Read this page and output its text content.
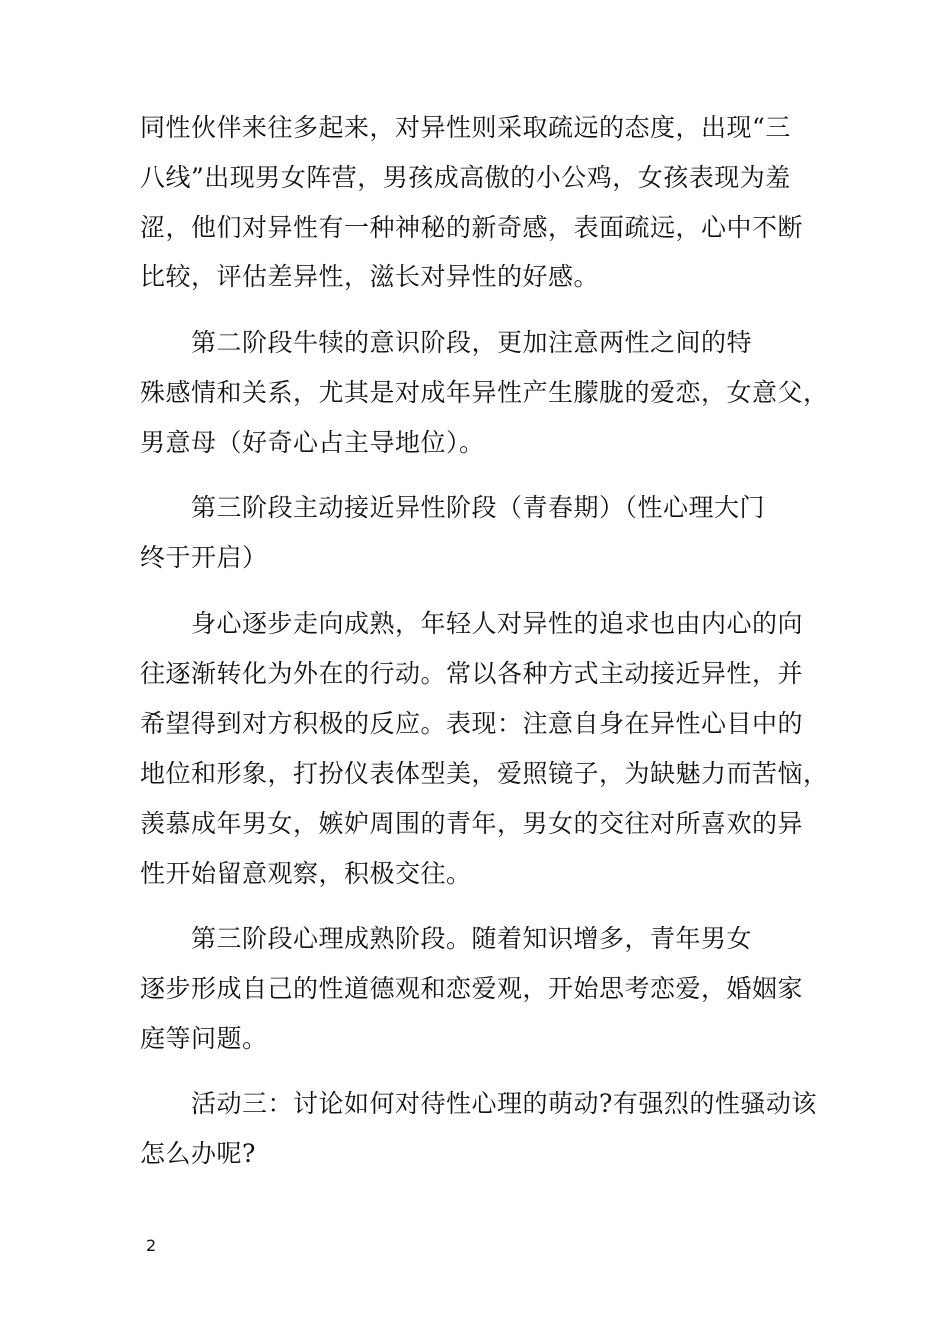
同性伙伴来往多起来，对异性则采取疏远的态度，出现“三
八线”出现男女阵营，男孩成高傲的小公鸡，女孩表现为羞
涩，他们对异性有一种神秘的新奇感，表面疏远，心中不断
比较，评估差异性，滋长对异性的好感。
第二阶段牛犊的意识阶段，更加注意两性之间的特
殊感情和关系，尤其是对成年异性产生朦胧的爱恋，女意父，
男意母（好奇心占主导地位）。
第三阶段主动接近异性阶段（青春期）（性心理大门
终于开启）
身心逐步走向成熟，年轻人对异性的追求也由内心的向
往逐渐转化为外在的行动。常以各种方式主动接近异性，并
希望得到对方积极的反应。表现：注意自身在异性心目中的
地位和形象，打扮仪表体型美，爱照镜子，为缺魅力而苦恼，
羡慕成年男女，嫉妒周围的青年，男女的交往对所喜欢的异
性开始留意观察，积极交往。
第三阶段心理成熟阶段。随着知识增多，青年男女
逐步形成自己的性道德观和恋爱观，开始思考恋爱，婚姻家
庭等问题。
活动三：讨论如何对待性心理的萌动?有强烈的性骚动该
怎么办呢?
2
